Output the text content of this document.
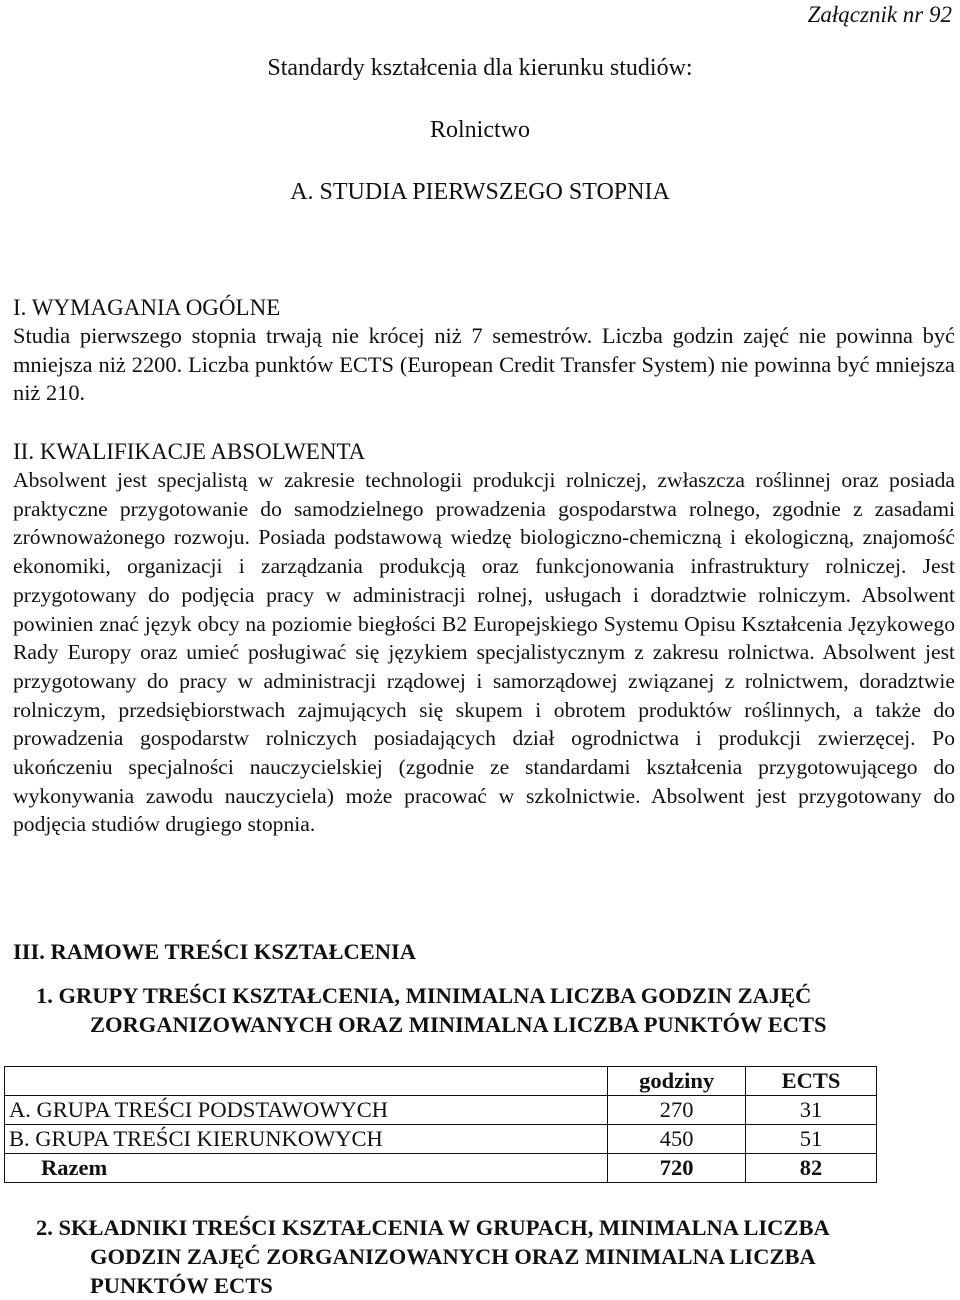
Załącznik nr 92
Standardy kształcenia dla kierunku studiów:
Rolnictwo
A. STUDIA PIERWSZEGO STOPNIA
I. WYMAGANIA OGÓLNE
Studia pierwszego stopnia trwają nie krócej niż 7 semestrów. Liczba godzin zajęć nie powinna być mniejsza niż 2200. Liczba punktów ECTS (European Credit Transfer System) nie powinna być mniejsza niż 210.
II. KWALIFIKACJE ABSOLWENTA
Absolwent jest specjalistą w zakresie technologii produkcji rolniczej, zwłaszcza roślinnej oraz posiada praktyczne przygotowanie do samodzielnego prowadzenia gospodarstwa rolnego, zgodnie z zasadami zrównoważonego rozwoju. Posiada podstawową wiedzę biologiczno-chemiczną i ekologiczną, znajomość ekonomiki, organizacji i zarządzania produkcją oraz funkcjonowania infrastruktury rolniczej. Jest przygotowany do podjęcia pracy w administracji rolnej, usługach i doradztwie rolniczym. Absolwent powinien znać język obcy na poziomie biegłości B2 Europejskiego Systemu Opisu Kształcenia Językowego Rady Europy oraz umieć posługiwać się językiem specjalistycznym z zakresu rolnictwa. Absolwent jest przygotowany do pracy w administracji rządowej i samorządowej związanej z rolnictwem, doradztwie rolniczym, przedsiębiorstwach zajmujących się skupem i obrotem produktów roślinnych, a także do prowadzenia gospodarstw rolniczych posiadających dział ogrodnictwa i produkcji zwierzęcej. Po ukończeniu specjalności nauczycielskiej (zgodnie ze standardami kształcenia przygotowującego do wykonywania zawodu nauczyciela) może pracować w szkolnictwie. Absolwent jest przygotowany do podjęcia studiów drugiego stopnia.
III. RAMOWE TREŚCI KSZTAŁCENIA
1. GRUPY TREŚCI KSZTAŁCENIA, MINIMALNA LICZBA GODZIN ZAJĘĆ
ZORGANIZOWANYCH ORAZ MINIMALNA LICZBA PUNKTÓW ECTS
	godziny	ECTS
A. GRUPA TREŚCI PODSTAWOWYCH	270	31
B. GRUPA TREŚCI KIERUNKOWYCH	450	51
Razem	720	82
2. SKŁADNIKI TREŚCI KSZTAŁCENIA W GRUPACH, MINIMALNA LICZBA
GODZIN ZAJĘĆ ZORGANIZOWANYCH ORAZ MINIMALNA LICZBA
PUNKTÓW ECTS
